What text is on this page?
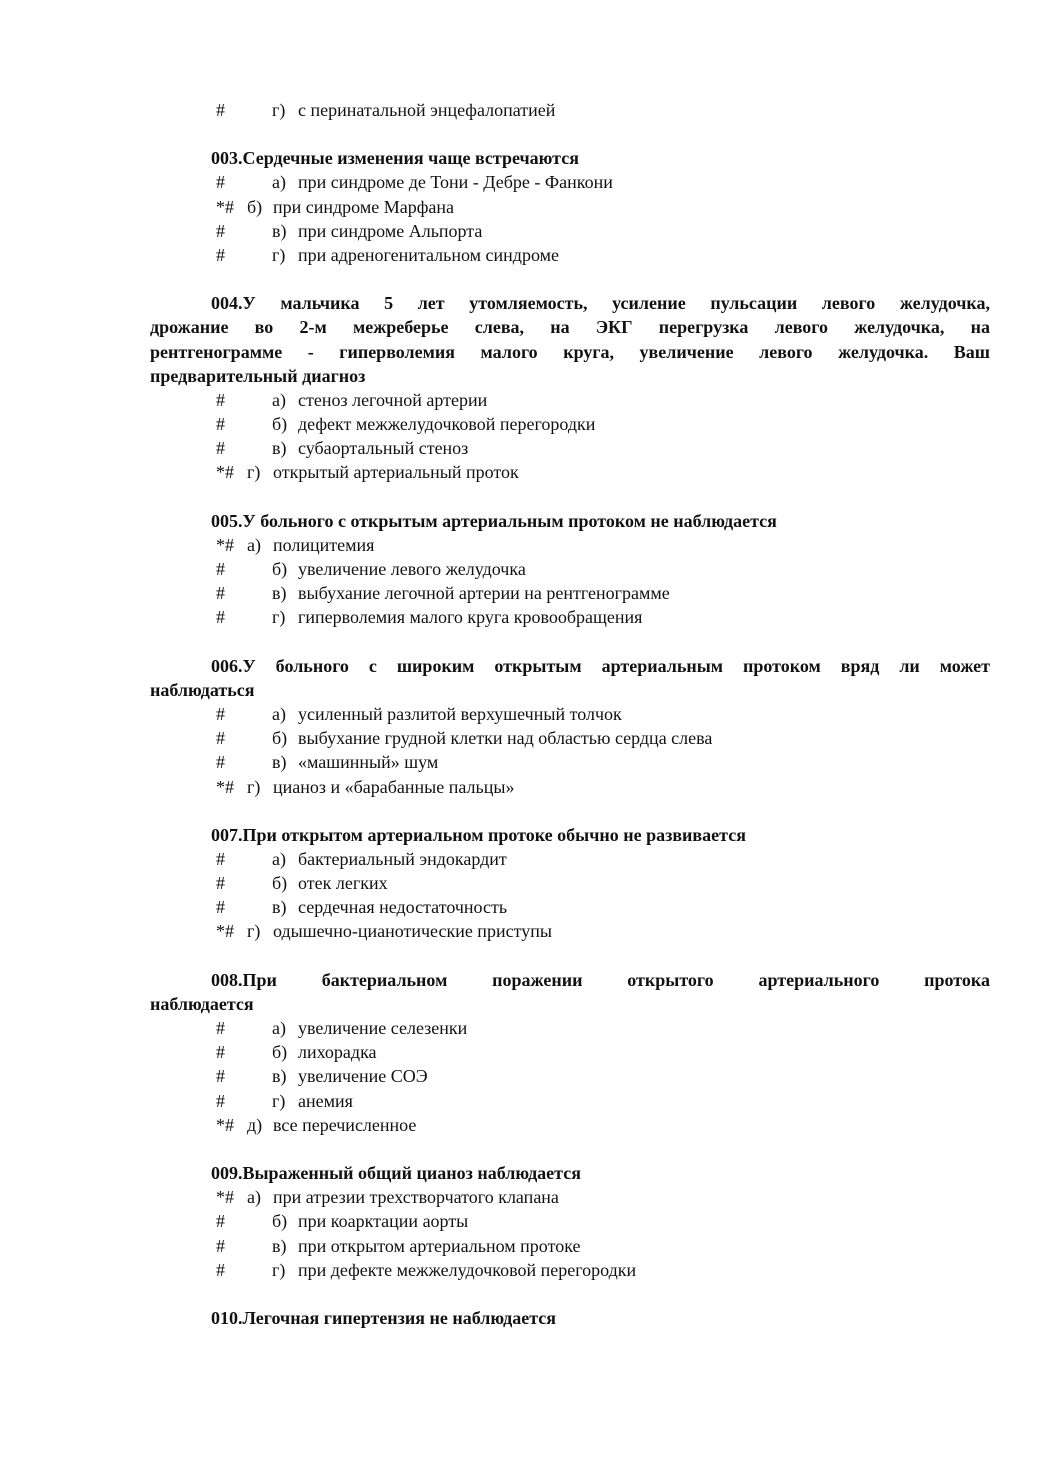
#	г) с перинатальной энцефалопатией
003.Сердечные изменения чаще встречаются
#	а) при синдроме де Тони - Дебре - Фанкони
*# б) при синдроме Марфана
#	в) при синдроме Альпорта
#	г) при адреногенитальном синдроме
004.У мальчика 5 лет утомляемость, усиление пульсации левого желудочка,
дрожание во 2-м межреберье слева, на ЭКГ перегрузка левого желудочка, на
рентгенограмме - гиперволемия малого круга, увеличение левого желудочка. Ваш
предварительный диагноз
#	а) стеноз легочной артерии
#	б) дефект межжелудочковой перегородки
#	в) субаортальный стеноз
*# г) открытый артериальный проток
005.У больного с открытым артериальным протоком не наблюдается
*# а) полицитемия
#	б) увеличение левого желудочка
#	в) выбухание легочной артерии на рентгенограмме
#	г) гиперволемия малого круга кровообращения
006.У больного с широким открытым артериальным протоком вряд ли может
наблюдаться
#	а) усиленный разлитой верхушечный толчок
#	б) выбухание грудной клетки над областью сердца слева
#	в) «машинный» шум
*# г) цианоз и «барабанные пальцы»
007.При открытом артериальном протоке обычно не развивается
#	а) бактериальный эндокардит
#	б) отек легких
#	в) сердечная недостаточность
*# г) одышечно-цианотические приступы
008.При бактериальном поражении открытого артериального протока
наблюдается
#	а) увеличение селезенки
#	б) лихорадка
#	в) увеличение СОЭ
#	г) анемия
*# д) все перечисленное
009.Выраженный общий цианоз наблюдается
*# а) при атрезии трехстворчатого клапана
#	б) при коарктации аорты
#	в) при открытом артериальном протоке
#	г) при дефекте межжелудочковой перегородки
010.Легочная гипертензия не наблюдается
